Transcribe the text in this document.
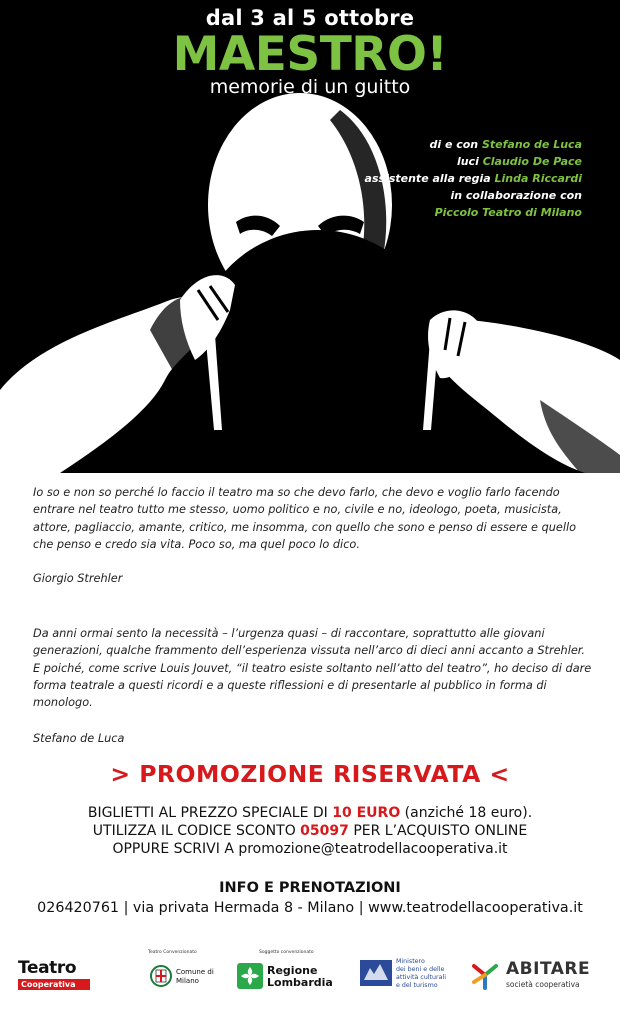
dal 3 al 5 ottobre
MAESTRO!
memorie di un guitto
di e con Stefano de Luca
luci Claudio De Pace
assistente alla regia Linda Riccardi
in collaborazione con
Piccolo Teatro di Milano
Io so e non so perché lo faccio il teatro ma so che devo farlo, che devo e voglio farlo facendo entrare nel teatro tutto me stesso, uomo politico e no, civile e no, ideologo, poeta, musicista, attore, pagliaccio, amante, critico, me insomma, con quello che sono e penso di essere e quello che penso e credo sia vita. Poco so, ma quel poco lo dico.
Giorgio Strehler
Da anni ormai sento la necessità – l’urgenza quasi – di raccontare, soprattutto alle giovani generazioni, qualche frammento dell’esperienza vissuta nell’arco di dieci anni accanto a Strehler. E poiché, come scrive Louis Jouvet, “il teatro esiste soltanto nell’atto del teatro”, ho deciso di dare forma teatrale a questi ricordi e a queste riflessioni e di presentarle al pubblico in forma di monologo.
Stefano de Luca
> PROMOZIONE RISERVATA <
BIGLIETTI AL PREZZO SPECIALE DI 10 EURO (anziché 18 euro).
UTILIZZA IL CODICE SCONTO 05097 PER L’ACQUISTO ONLINE
OPPURE SCRIVI A promozione@teatrodellacooperativa.it
INFO E PRENOTAZIONI
026420761 | via privata Hermada 8 - Milano | www.teatrodellacooperativa.it
Teatro
Cooperativa
Teatro Convenzionato
Comune di
Milano
Soggetto convenzionato
Regione
Lombardia
Ministero
dei beni e delle
attività culturali
e del turismo
ABITARE
società cooperativa
